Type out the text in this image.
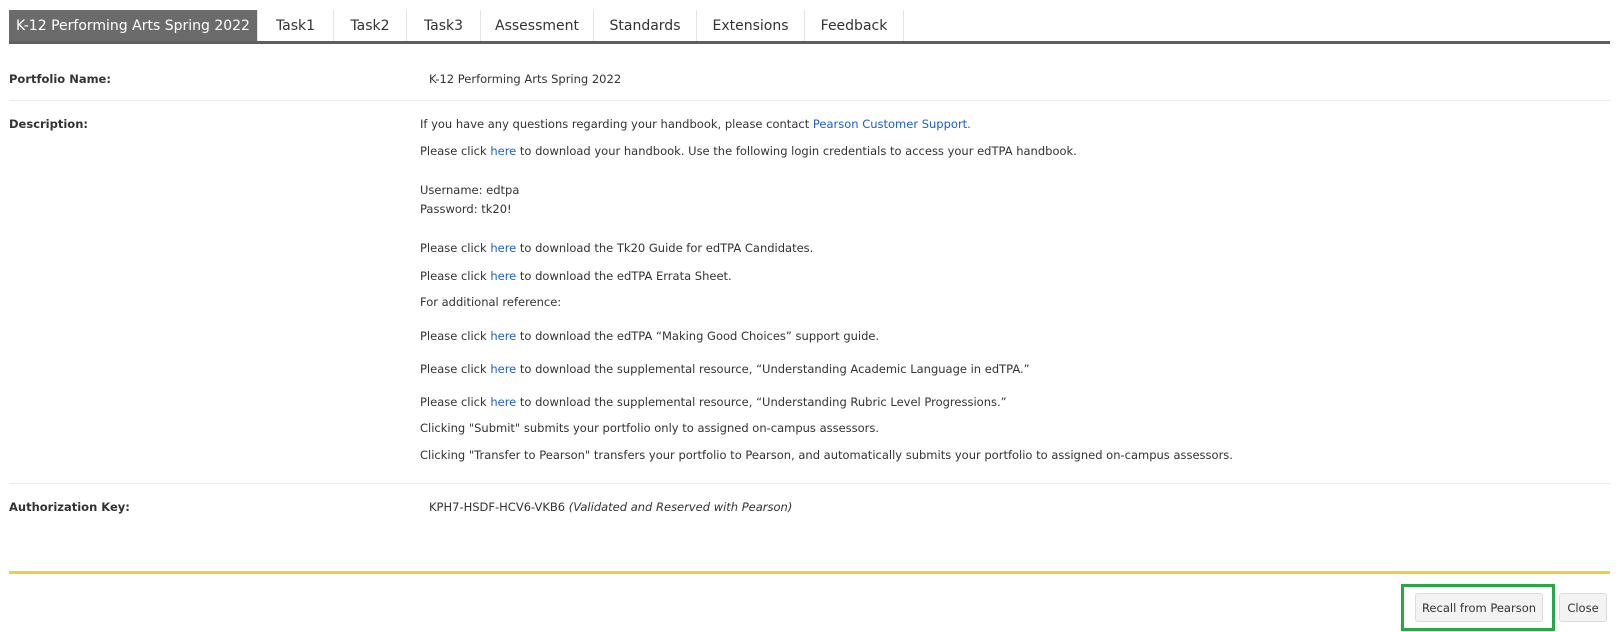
K-12 Performing Arts Spring 2022	Task1	Task2	Task3	Assessment	Standards	Extensions	Feedback
Portfolio Name:	K-12 Performing Arts Spring 2022
Description:	If you have any questions regarding your handbook, please contact Pearson Customer Support.
Please click here to download your handbook. Use the following login credentials to access your edTPA handbook.
Username: edtpa
Password: tk20!
Please click here to download the Tk20 Guide for edTPA Candidates.
Please click here to download the edTPA Errata Sheet.
For additional reference:
Please click here to download the edTPA “Making Good Choices” support guide.
Please click here to download the supplemental resource, “Understanding Academic Language in edTPA.”
Please click here to download the supplemental resource, “Understanding Rubric Level Progressions.”
Clicking "Submit" submits your portfolio only to assigned on-campus assessors.
Clicking "Transfer to Pearson" transfers your portfolio to Pearson, and automatically submits your portfolio to assigned on-campus assessors.
Authorization Key:	KPH7-HSDF-HCV6-VKB6 (Validated and Reserved with Pearson)
Recall from Pearson	Close
